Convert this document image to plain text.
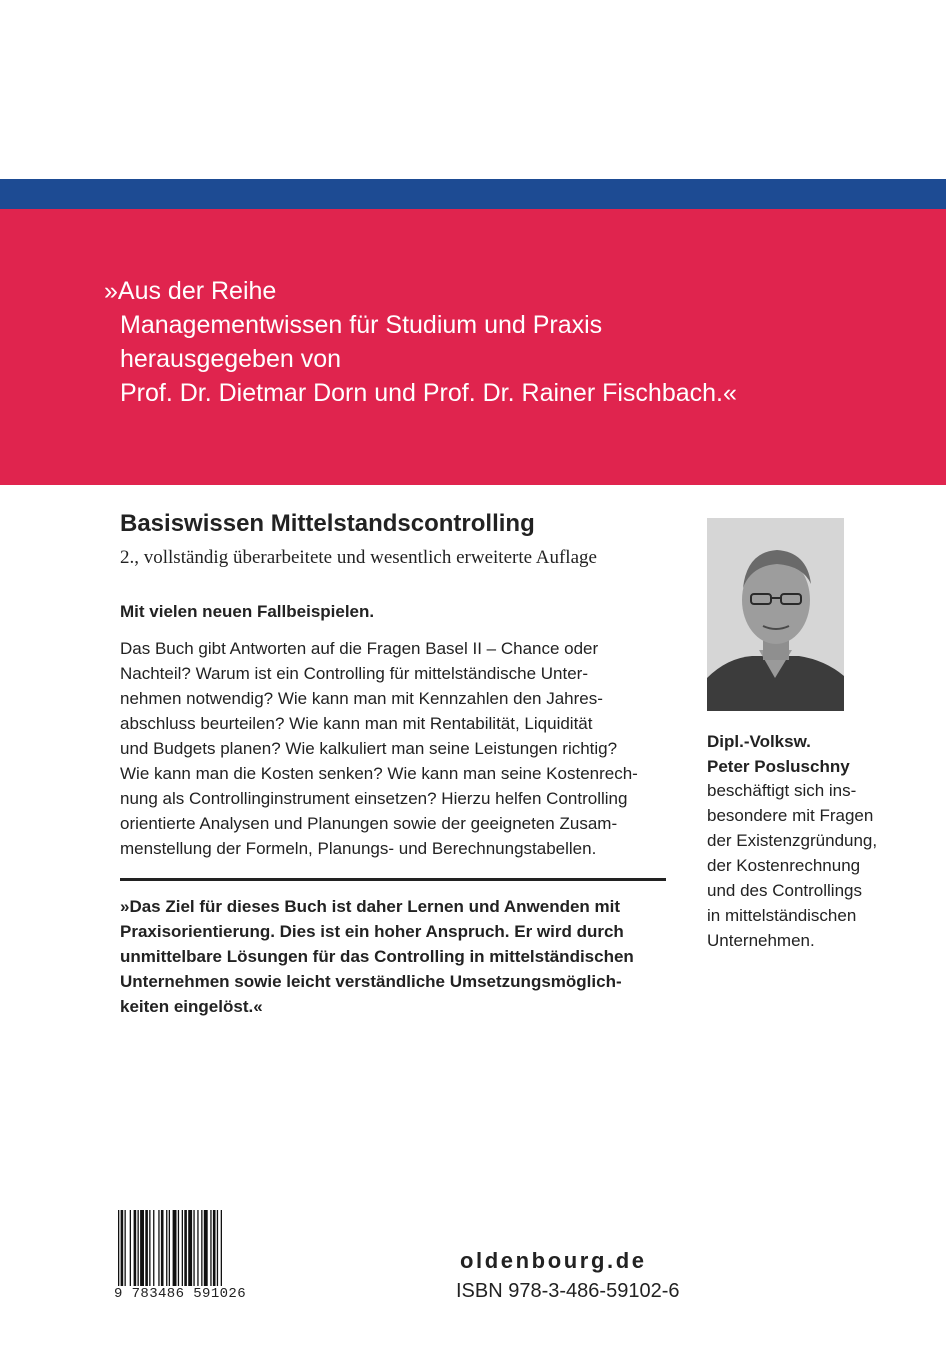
»Aus der Reihe
Managementwissen für Studium und Praxis
herausgegeben von
Prof. Dr. Dietmar Dorn und Prof. Dr. Rainer Fischbach.«
Basiswissen Mittelstandscontrolling
2., vollständig überarbeitete und wesentlich erweiterte Auflage
Mit vielen neuen Fallbeispielen.
Das Buch gibt Antworten auf die Fragen Basel II – Chance oder
Nachteil? Warum ist ein Controlling für mittelständische Unter-
nehmen notwendig? Wie kann man mit Kennzahlen den Jahres-
abschluss beurteilen? Wie kann man mit Rentabilität, Liquidität
und Budgets planen? Wie kalkuliert man seine Leistungen richtig?
Wie kann man die Kosten senken? Wie kann man seine Kostenrech-
nung als Controllinginstrument einsetzen? Hierzu helfen Controlling
orientierte Analysen und Planungen sowie der geeigneten Zusam-
menstellung der Formeln, Planungs- und Berechnungstabellen.
»Das Ziel für dieses Buch ist daher Lernen und Anwenden mit
Praxisorientierung. Dies ist ein hoher Anspruch. Er wird durch
unmittelbare Lösungen für das Controlling in mittelständischen
Unternehmen sowie leicht verständliche Umsetzungsmöglich-
keiten eingelöst.«
Dipl.-Volksw.
Peter Posluschny
beschäftigt sich ins-
besondere mit Fragen
der Existenzgründung,
der Kostenrechnung
und des Controllings
in mittelständischen
Unternehmen.
9 783486 591026
oldenbourg.de
ISBN 978-3-486-59102-6
